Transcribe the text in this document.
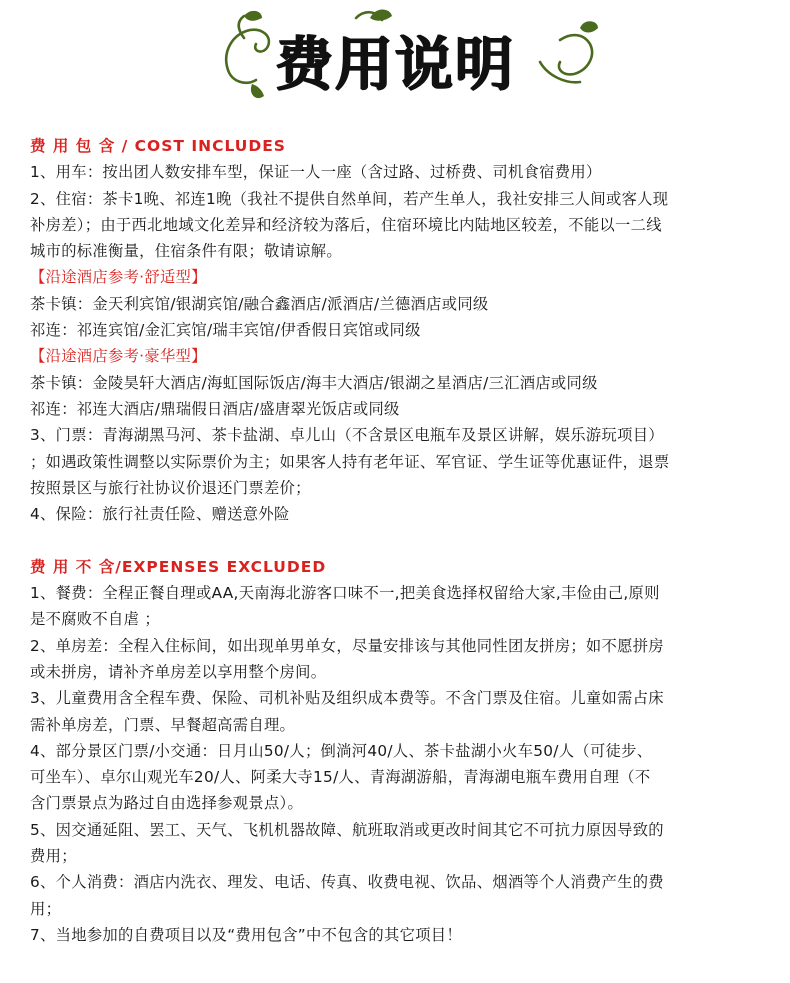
费用说明
费 用 包 含 / COST INCLUDES
1、用车：按出团人数安排车型，保证一人一座（含过路、过桥费、司机食宿费用）
2、住宿：茶卡1晚、祁连1晚（我社不提供自然单间，若产生单人，我社安排三人间或客人现
补房差）；由于西北地域文化差异和经济较为落后，住宿环境比内陆地区较差，不能以一二线
城市的标准衡量，住宿条件有限；敬请谅解。
【沿途酒店参考·舒适型】
茶卡镇：金天利宾馆/银湖宾馆/融合鑫酒店/派酒店/兰德酒店或同级
祁连：祁连宾馆/金汇宾馆/瑞丰宾馆/伊香假日宾馆或同级
【沿途酒店参考·豪华型】
茶卡镇：金陵昊轩大酒店/海虹国际饭店/海丰大酒店/银湖之星酒店/三汇酒店或同级
祁连：祁连大酒店/鼎瑞假日酒店/盛唐翠光饭店或同级
3、门票：青海湖黑马河、茶卡盐湖、卓儿山（不含景区电瓶车及景区讲解，娱乐游玩项目）
；如遇政策性调整以实际票价为主；如果客人持有老年证、军官证、学生证等优惠证件，退票
按照景区与旅行社协议价退还门票差价；
4、保险：旅行社责任险、赠送意外险
费 用 不 含/EXPENSES EXCLUDED
1、餐费：全程正餐自理或AA,天南海北游客口味不一,把美食选择权留给大家,丰俭由己,原则
是不腐败不自虐 ；
2、单房差：全程入住标间，如出现单男单女，尽量安排该与其他同性团友拼房；如不愿拼房
或未拼房，请补齐单房差以享用整个房间。
3、儿童费用含全程车费、保险、司机补贴及组织成本费等。不含门票及住宿。儿童如需占床
需补单房差，门票、早餐超高需自理。
4、部分景区门票/小交通：日月山50/人；倒淌河40/人、茶卡盐湖小火车50/人（可徒步、
可坐车）、卓尔山观光车20/人、阿柔大寺15/人、青海湖游船，青海湖电瓶车费用自理（不
含门票景点为路过自由选择参观景点）。
5、因交通延阻、罢工、天气、飞机机器故障、航班取消或更改时间其它不可抗力原因导致的
费用；
6、个人消费：酒店内洗衣、理发、电话、传真、收费电视、饮品、烟酒等个人消费产生的费
用；
7、当地参加的自费项目以及“费用包含”中不包含的其它项目！
